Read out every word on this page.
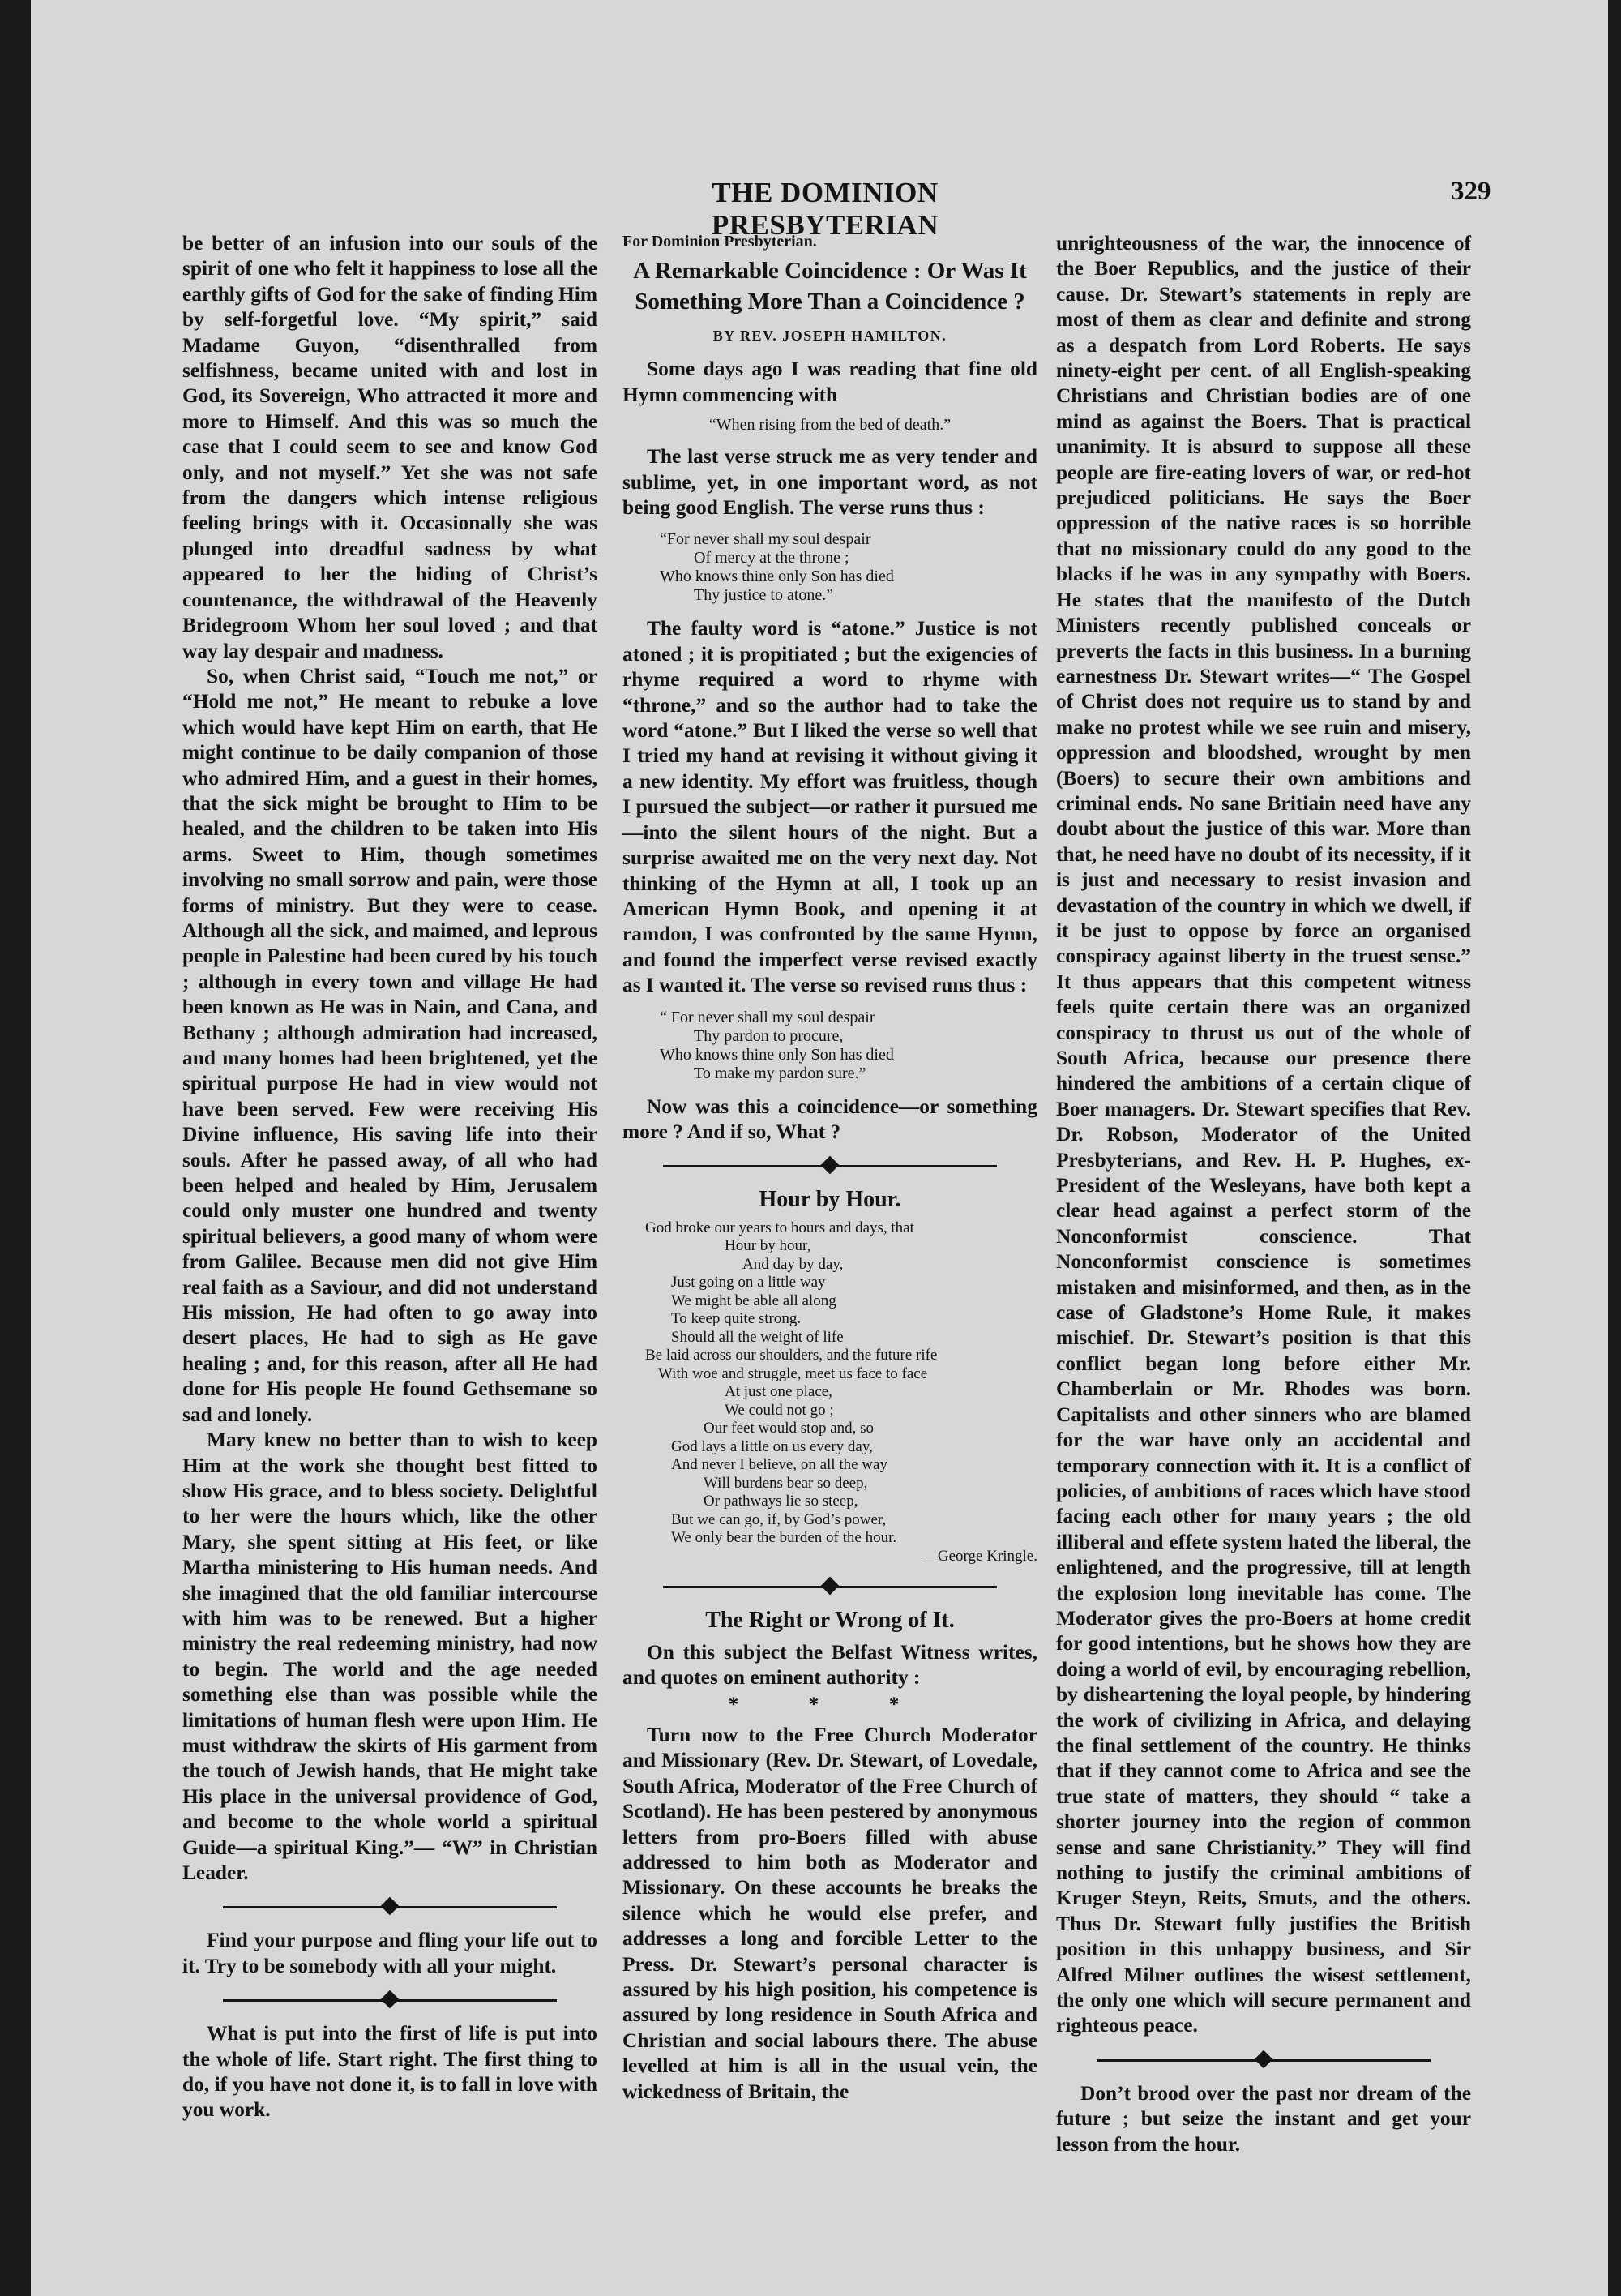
THE DOMINION PRESBYTERIAN
329

be better of an infusion into our souls of the spirit of one who felt it happiness to lose all the earthly gifts of God for the sake of finding Him by self-forgetful love. “My spirit,” said Madame Guyon, “disenthralled from selfishness, became united with and lost in God, its Sovereign, Who attracted it more and more to Himself. And this was so much the case that I could seem to see and know God only, and not myself.” Yet she was not safe from the dangers which intense religious feeling brings with it. Occasionally she was plunged into dreadful sadness by what appeared to her the hiding of Christ’s countenance, the withdrawal of the Heavenly Bridegroom Whom her soul loved ; and that way lay despair and madness.

So, when Christ said, “Touch me not,” or “Hold me not,” He meant to rebuke a love which would have kept Him on earth, that He might continue to be daily companion of those who admired Him, and a guest in their homes, that the sick might be brought to Him to be healed, and the children to be taken into His arms. Sweet to Him, though sometimes involving no small sorrow and pain, were those forms of ministry. But they were to cease. Although all the sick, and maimed, and leprous people in Palestine had been cured by his touch ; although in every town and village He had been known as He was in Nain, and Cana, and Bethany ; although admiration had increased, and many homes had been brightened, yet the spiritual purpose He had in view would not have been served. Few were receiving His Divine influence, His saving life into their souls. After he passed away, of all who had been helped and healed by Him, Jerusalem could only muster one hundred and twenty spiritual believers, a good many of whom were from Galilee. Because men did not give Him real faith as a Saviour, and did not understand His mission, He had often to go away into desert places, He had to sigh as He gave healing ; and, for this reason, after all He had done for His people He found Gethsemane so sad and lonely.

Mary knew no better than to wish to keep Him at the work she thought best fitted to show His grace, and to bless society. Delightful to her were the hours which, like the other Mary, she spent sitting at His feet, or like Martha ministering to His human needs. And she imagined that the old familiar intercourse with him was to be renewed. But a higher ministry the real redeeming ministry, had now to begin. The world and the age needed something else than was possible while the limitations of human flesh were upon Him. He must withdraw the skirts of His garment from the touch of Jewish hands, that He might take His place in the universal providence of God, and become to the whole world a spiritual Guide—a spiritual King.”— “W” in Christian Leader.

Find your purpose and fling your life out to it. Try to be somebody with all your might.

What is put into the first of life is put into the whole of life. Start right. The first thing to do, if you have not done it, is to fall in love with you work.

For Dominion Presbyterian.
A Remarkable Coincidence : Or Was It Something More Than a Coincidence ?
BY REV. JOSEPH HAMILTON.

Some days ago I was reading that fine old Hymn commencing with

“When rising from the bed of death.”

The last verse struck me as very tender and sublime, yet, in one important word, as not being good English. The verse runs thus :

“For never shall my soul despair
Of mercy at the throne ;
Who knows thine only Son has died
Thy justice to atone.”

The faulty word is “atone.” Justice is not atoned ; it is propitiated ; but the exigencies of rhyme required a word to rhyme with “throne,” and so the author had to take the word “atone.” But I liked the verse so well that I tried my hand at revising it without giving it a new identity. My effort was fruitless, though I pursued the subject—or rather it pursued me—into the silent hours of the night. But a surprise awaited me on the very next day. Not thinking of the Hymn at all, I took up an American Hymn Book, and opening it at ramdon, I was confronted by the same Hymn, and found the imperfect verse revised exactly as I wanted it. The verse so revised runs thus :

“ For never shall my soul despair
Thy pardon to procure,
Who knows thine only Son has died
To make my pardon sure.”

Now was this a coincidence—or something more ? And if so, What ?

Hour by Hour.
God broke our years to hours and days, that
Hour by hour,
And day by day,
Just going on a little way
We might be able all along
To keep quite strong.
Should all the weight of life
Be laid across our shoulders, and the future rife
With woe and struggle, meet us face to face
At just one place,
We could not go ;
Our feet would stop and, so
God lays a little on us every day,
And never I believe, on all the way
Will burdens bear so deep,
Or pathways lie so steep,
But we can go, if, by God’s power,
We only bear the burden of the hour.
—George Kringle.
The Right or Wrong of It.

On this subject the Belfast Witness writes, and quotes on eminent authority :

* * *

Turn now to the Free Church Moderator and Missionary (Rev. Dr. Stewart, of Lovedale, South Africa, Moderator of the Free Church of Scotland). He has been pestered by anonymous letters from pro-Boers filled with abuse addressed to him both as Moderator and Missionary. On these accounts he breaks the silence which he would else prefer, and addresses a long and forcible Letter to the Press. Dr. Stewart’s personal character is assured by his high position, his competence is assured by long residence in South Africa and Christian and social labours there. The abuse levelled at him is all in the usual vein, the wickedness of Britain, the

unrighteousness of the war, the innocence of the Boer Republics, and the justice of their cause. Dr. Stewart’s statements in reply are most of them as clear and definite and strong as a despatch from Lord Roberts. He says ninety-eight per cent. of all English-speaking Christians and Christian bodies are of one mind as against the Boers. That is practical unanimity. It is absurd to suppose all these people are fire-eating lovers of war, or red-hot prejudiced politicians. He says the Boer oppression of the native races is so horrible that no missionary could do any good to the blacks if he was in any sympathy with Boers. He states that the manifesto of the Dutch Ministers recently published conceals or preverts the facts in this business. In a burning earnestness Dr. Stewart writes—“ The Gospel of Christ does not require us to stand by and make no protest while we see ruin and misery, oppression and bloodshed, wrought by men (Boers) to secure their own ambitions and criminal ends. No sane Britiain need have any doubt about the justice of this war. More than that, he need have no doubt of its necessity, if it is just and necessary to resist invasion and devastation of the country in which we dwell, if it be just to oppose by force an organised conspiracy against liberty in the truest sense.” It thus appears that this competent witness feels quite certain there was an organized conspiracy to thrust us out of the whole of South Africa, because our presence there hindered the ambitions of a certain clique of Boer managers. Dr. Stewart specifies that Rev. Dr. Robson, Moderator of the United Presbyterians, and Rev. H. P. Hughes, ex-President of the Wesleyans, have both kept a clear head against a perfect storm of the Nonconformist conscience. That Nonconformist conscience is sometimes mistaken and misinformed, and then, as in the case of Gladstone’s Home Rule, it makes mischief. Dr. Stewart’s position is that this conflict began long before either Mr. Chamberlain or Mr. Rhodes was born. Capitalists and other sinners who are blamed for the war have only an accidental and temporary connection with it. It is a conflict of policies, of ambitions of races which have stood facing each other for many years ; the old illiberal and effete system hated the liberal, the enlightened, and the progressive, till at length the explosion long inevitable has come. The Moderator gives the pro-Boers at home credit for good intentions, but he shows how they are doing a world of evil, by encouraging rebellion, by disheartening the loyal people, by hindering the work of civilizing in Africa, and delaying the final settlement of the country. He thinks that if they cannot come to Africa and see the true state of matters, they should “ take a shorter journey into the region of common sense and sane Christianity.” They will find nothing to justify the criminal ambitions of Kruger Steyn, Reits, Smuts, and the others. Thus Dr. Stewart fully justifies the British position in this unhappy business, and Sir Alfred Milner outlines the wisest settlement, the only one which will secure permanent and righteous peace.

Don’t brood over the past nor dream of the future ; but seize the instant and get your lesson from the hour.
